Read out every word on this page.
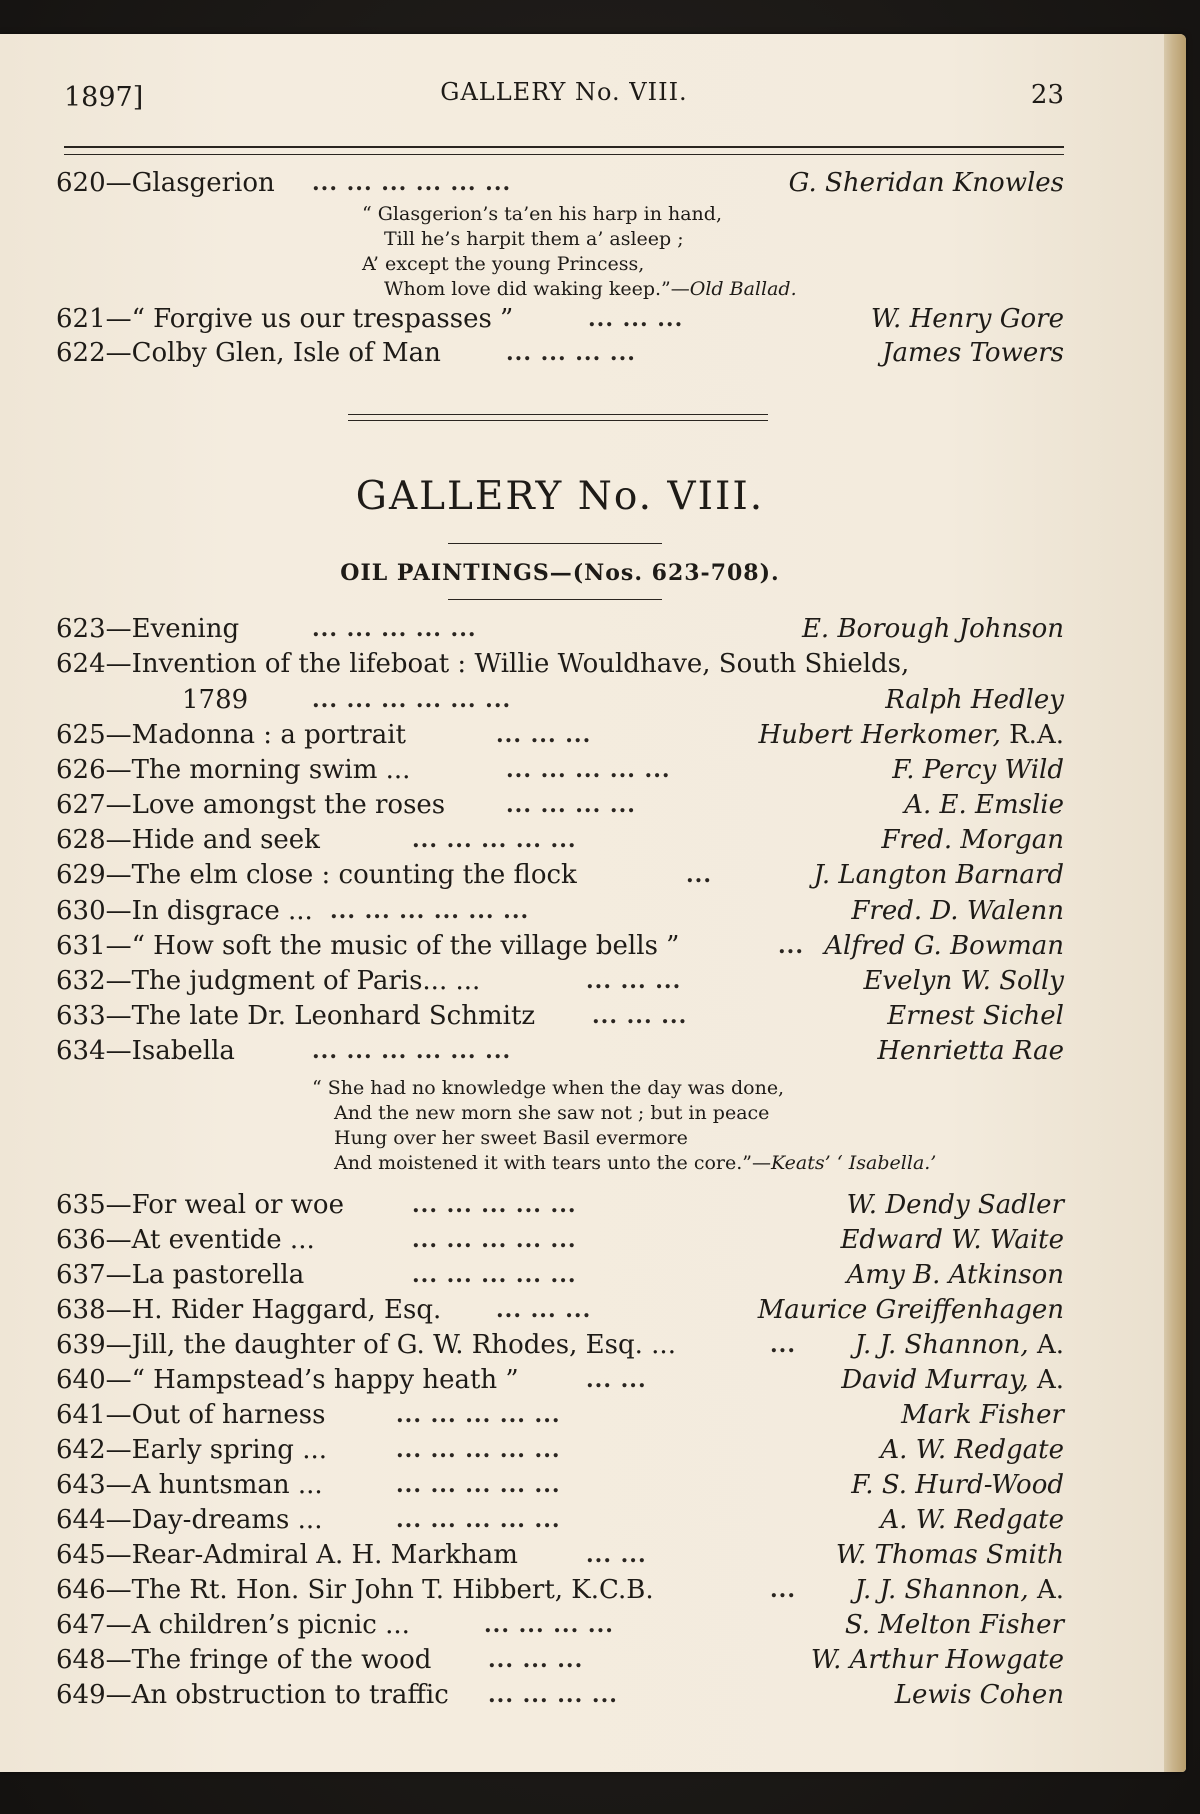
1897]	GALLERY No. VIII.	23
620—Glasgerion ... ... ... ... ... ...	G. Sheridan Knowles
“ Glasgerion’s ta’en his harp in hand,
Till he’s harpit them a’ asleep ;
A’ except the young Princess,
Whom love did waking keep.”—Old Ballad.
621—“ Forgive us our trespasses ”	... ... ...	W. Henry Gore
622—Colby Glen, Isle of Man	... ... ... ...	James Towers
GALLERY No. VIII.
OIL PAINTINGS—(Nos. 623-708).
623—Evening	... ... ... ... ...	E. Borough Johnson
624—Invention of the lifeboat : Willie Wouldhave, South Shields,
1789	... ... ... ... ... ...	Ralph Hedley
625—Madonna : a portrait	... ... ...	Hubert Herkomer, R.A.
626—The morning swim ...	... ... ... ... ...	F. Percy Wild
627—Love amongst the roses	... ... ... ...	A. E. Emslie
628—Hide and seek	... ... ... ... ...	Fred. Morgan
629—The elm close : counting the flock	...	J. Langton Barnard
630—In disgrace ... ... ... ... ... ... ...	Fred. D. Walenn
631—“ How soft the music of the village bells ”	... Alfred G. Bowman
632—The judgment of Paris... ...	... ... ...	Evelyn W. Solly
633—The late Dr. Leonhard Schmitz	... ... ...	Ernest Sichel
634—Isabella	... ... ... ... ... ...	Henrietta Rae
“ She had no knowledge when the day was done,
And the new morn she saw not ; but in peace
Hung over her sweet Basil evermore
And moistened it with tears unto the core.”—Keats’ ‘ Isabella.’
635—For weal or woe	... ... ... ... ...	W. Dendy Sadler
636—At eventide ...	... ... ... ... ...	Edward W. Waite
637—La pastorella	... ... ... ... ...	Amy B. Atkinson
638—H. Rider Haggard, Esq. ... ... ...	Maurice Greiffenhagen
639—Jill, the daughter of G. W. Rhodes, Esq. ...	... J. J. Shannon, A.
640—“ Hampstead’s happy heath ”	... ...	David Murray, A.
641—Out of harness	... ... ... ... ...	Mark Fisher
642—Early spring ...	... ... ... ... ...	A. W. Redgate
643—A huntsman ...	... ... ... ... ...	F. S. Hurd-Wood
644—Day-dreams ...	... ... ... ... ...	A. W. Redgate
645—Rear-Admiral A. H. Markham	... ...	W. Thomas Smith
646—The Rt. Hon. Sir John T. Hibbert, K.C.B.	... J. J. Shannon, A.
647—A children’s picnic ...	... ... ... ...	S. Melton Fisher
648—The fringe of the wood	... ... ...	W. Arthur Howgate
649—An obstruction to traffic ... ... ... ...	Lewis Cohen
